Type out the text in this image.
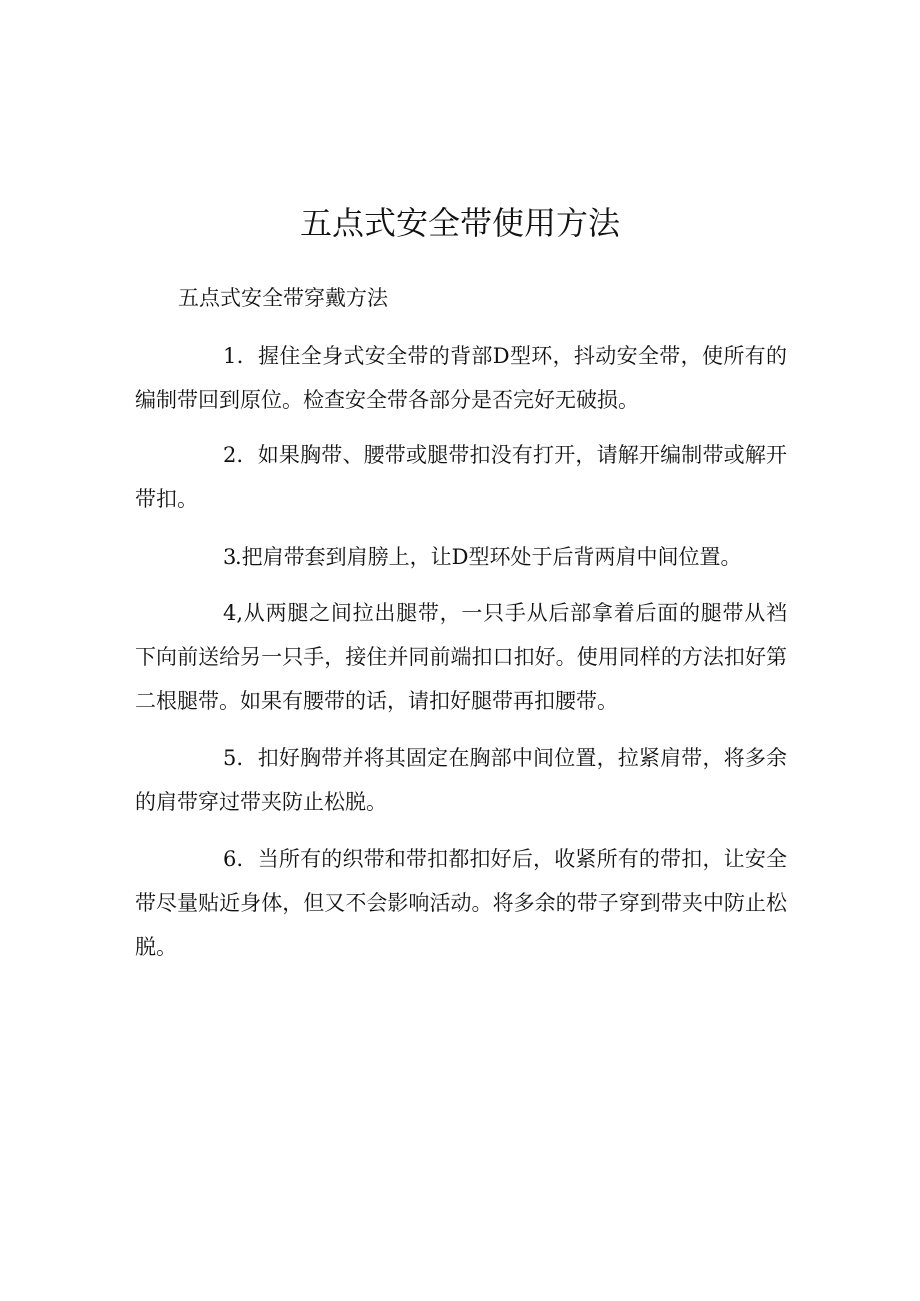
五点式安全带使用方法

五点式安全带穿戴方法

1．握住全身式安全带的背部D型环，抖动安全带，使所有的编制带回到原位。检查安全带各部分是否完好无破损。

2．如果胸带、腰带或腿带扣没有打开，请解开编制带或解开带扣。

3.把肩带套到肩膀上，让D型环处于后背两肩中间位置。

4,从两腿之间拉出腿带，一只手从后部拿着后面的腿带从裆下向前送给另一只手，接住并同前端扣口扣好。使用同样的方法扣好第二根腿带。如果有腰带的话，请扣好腿带再扣腰带。

5．扣好胸带并将其固定在胸部中间位置，拉紧肩带，将多余的肩带穿过带夹防止松脱。

6．当所有的织带和带扣都扣好后，收紧所有的带扣，让安全带尽量贴近身体，但又不会影响活动。将多余的带子穿到带夹中防止松脱。
